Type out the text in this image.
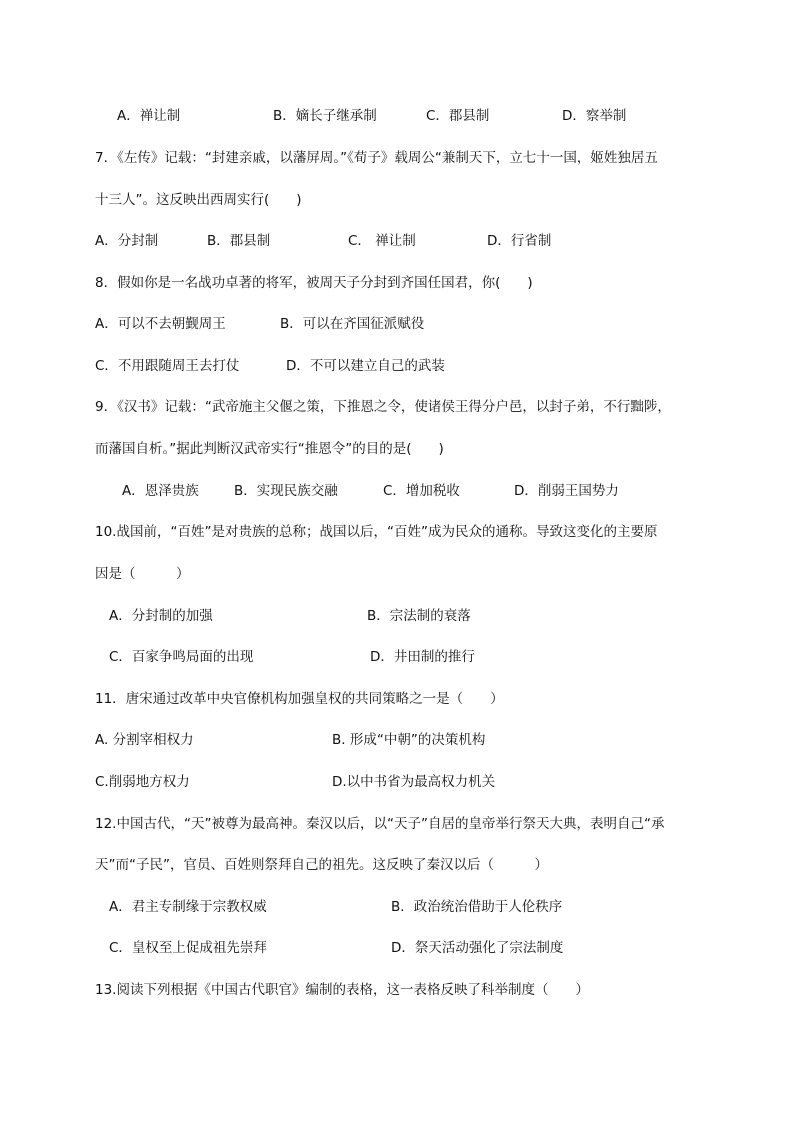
A．禅让制	B．嫡长子继承制	C．郡县制	D．察举制
7．《左传》记载：“封建亲戚，以藩屏周。”《荀子》载周公“兼制天下，立七十一国，姬姓独居五
十三人”。这反映出西周实行(　　)
A．分封制	B．郡县制	C． 禅让制	D．行省制
8．假如你是一名战功卓著的将军，被周天子分封到齐国任国君，你(　　)
A．可以不去朝觐周王	B．可以在齐国征派赋役
C．不用跟随周王去打仗	D．不可以建立自己的武装
9．《汉书》记载：“武帝施主父偃之策，下推恩之令，使诸侯王得分户邑，以封子弟，不行黜陟，
而藩国自析。”据此判断汉武帝实行“推恩令”的目的是(　　)
A．恩泽贵族	B．实现民族交融	C．增加税收	D．削弱王国势力
10.战国前，“百姓”是对贵族的总称；战国以后，“百姓”成为民众的通称。导致这变化的主要原
因是（　　　）
A．分封制的加强	B．宗法制的衰落
C．百家争鸣局面的出现	D．井田制的推行
11．唐宋通过改革中央官僚机构加强皇权的共同策略之一是（　　）
A. 分割宰相权力	B. 形成“中朝”的决策机构
C.削弱地方权力	D.以中书省为最高权力机关
12.中国古代，“天”被尊为最高神。秦汉以后，以“天子”自居的皇帝举行祭天大典，表明自己“承
天”而“子民”，官员、百姓则祭拜自己的祖先。这反映了秦汉以后（　　　）
A．君主专制缘于宗教权威	B．政治统治借助于人伦秩序
C．皇权至上促成祖先崇拜	D．祭天活动强化了宗法制度
13.阅读下列根据《中国古代职官》编制的表格，这一表格反映了科举制度（　　）
